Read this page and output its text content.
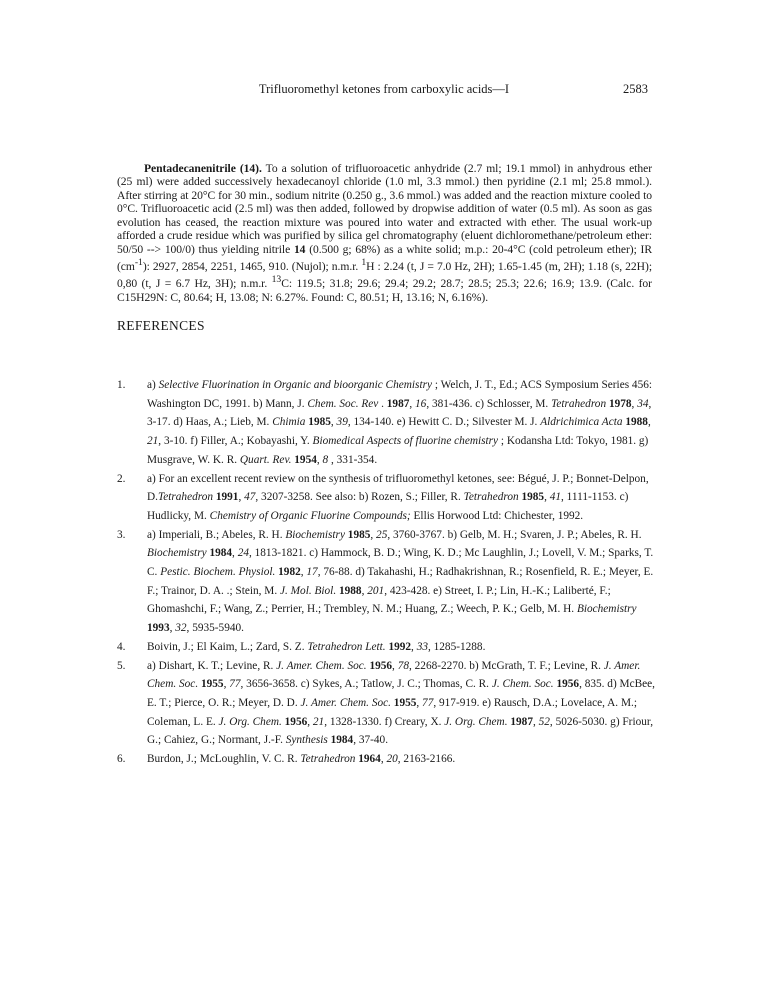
Trifluoromethyl ketones from carboxylic acids—I	2583

Pentadecanenitrile (14). To a solution of trifluoroacetic anhydride (2.7 ml; 19.1 mmol) in anhydrous ether (25 ml) were added successively hexadecanoyl chloride (1.0 ml, 3.3 mmol.) then pyridine (2.1 ml; 25.8 mmol.). After stirring at 20°C for 30 min., sodium nitrite (0.250 g., 3.6 mmol.) was added and the reaction mixture cooled to 0°C. Trifluoroacetic acid (2.5 ml) was then added, followed by dropwise addition of water (0.5 ml). As soon as gas evolution has ceased, the reaction mixture was poured into water and extracted with ether. The usual work-up afforded a crude residue which was purified by silica gel chromatography (eluent dichloromethane/petroleum ether: 50/50 --> 100/0) thus yielding nitrile 14 (0.500 g; 68%) as a white solid; m.p.: 20-4°C (cold petroleum ether); IR $(cm^{-1})$: 2927, 2854, 2251, 1465, 910. (Nujol); n.m.r. $^1$H : 2.24 (t, J = 7.0 Hz, 2H); 1.65-1.45 (m, 2H); 1.18 (s, 22H); 0,80 (t, J = 6.7 Hz, 3H); n.m.r. $^{13}$C: 119.5; 31.8; 29.6; 29.4; 29.2; 28.7; 28.5; 25.3; 22.6; 16.9; 13.9. (Calc. for C15H29N: C, 80.64; H, 13.08; N: 6.27%. Found: C, 80.51; H, 13.16; N, 6.16%).

REFERENCES
1. a) Selective Fluorination in Organic and bioorganic Chemistry ; Welch, J. T., Ed.; ACS Symposium Series 456: Washington DC, 1991. b) Mann, J. Chem. Soc. Rev . 1987, 16, 381-436. c) Schlosser, M. Tetrahedron 1978, 34, 3-17. d) Haas, A.; Lieb, M. Chimia 1985, 39, 134-140. e) Hewitt C. D.; Silvester M. J. Aldrichimica Acta 1988, 21, 3-10. f) Filler, A.; Kobayashi, Y. Biomedical Aspects of fluorine chemistry ; Kodansha Ltd: Tokyo, 1981. g) Musgrave, W. K. R. Quart. Rev. 1954, 8 , 331-354.
2. a) For an excellent recent review on the synthesis of trifluoromethyl ketones, see: Bégué, J. P.; Bonnet-Delpon, D.Tetrahedron 1991, 47, 3207-3258. See also: b) Rozen, S.; Filler, R. Tetrahedron 1985, 41, 1111-1153. c) Hudlicky, M. Chemistry of Organic Fluorine Compounds; Ellis Horwood Ltd: Chichester, 1992.
3. a) Imperiali, B.; Abeles, R. H. Biochemistry 1985, 25, 3760-3767. b) Gelb, M. H.; Svaren, J. P.; Abeles, R. H. Biochemistry 1984, 24, 1813-1821. c) Hammock, B. D.; Wing, K. D.; Mc Laughlin, J.; Lovell, V. M.; Sparks, T. C. Pestic. Biochem. Physiol. 1982, 17, 76-88. d) Takahashi, H.; Radhakrishnan, R.; Rosenfield, R. E.; Meyer, E. F.; Trainor, D. A. .; Stein, M. J. Mol. Biol. 1988, 201, 423-428. e) Street, I. P.; Lin, H.-K.; Laliberté, F.; Ghomashchi, F.; Wang, Z.; Perrier, H.; Trembley, N. M.; Huang, Z.; Weech, P. K.; Gelb, M. H. Biochemistry 1993, 32, 5935-5940.
4. Boivin, J.; El Kaim, L.; Zard, S. Z. Tetrahedron Lett. 1992, 33, 1285-1288.
5. a) Dishart, K. T.; Levine, R. J. Amer. Chem. Soc. 1956, 78, 2268-2270. b) McGrath, T. F.; Levine, R. J. Amer. Chem. Soc. 1955, 77, 3656-3658. c) Sykes, A.; Tatlow, J. C.; Thomas, C. R. J. Chem. Soc. 1956, 835. d) McBee, E. T.; Pierce, O. R.; Meyer, D. D. J. Amer. Chem. Soc. 1955, 77, 917-919. e) Rausch, D.A.; Lovelace, A. M.; Coleman, L. E. J. Org. Chem. 1956, 21, 1328-1330. f) Creary, X. J. Org. Chem. 1987, 52, 5026-5030. g) Friour, G.; Cahiez, G.; Normant, J.-F. Synthesis 1984, 37-40.
6. Burdon, J.; McLoughlin, V. C. R. Tetrahedron 1964, 20, 2163-2166.
